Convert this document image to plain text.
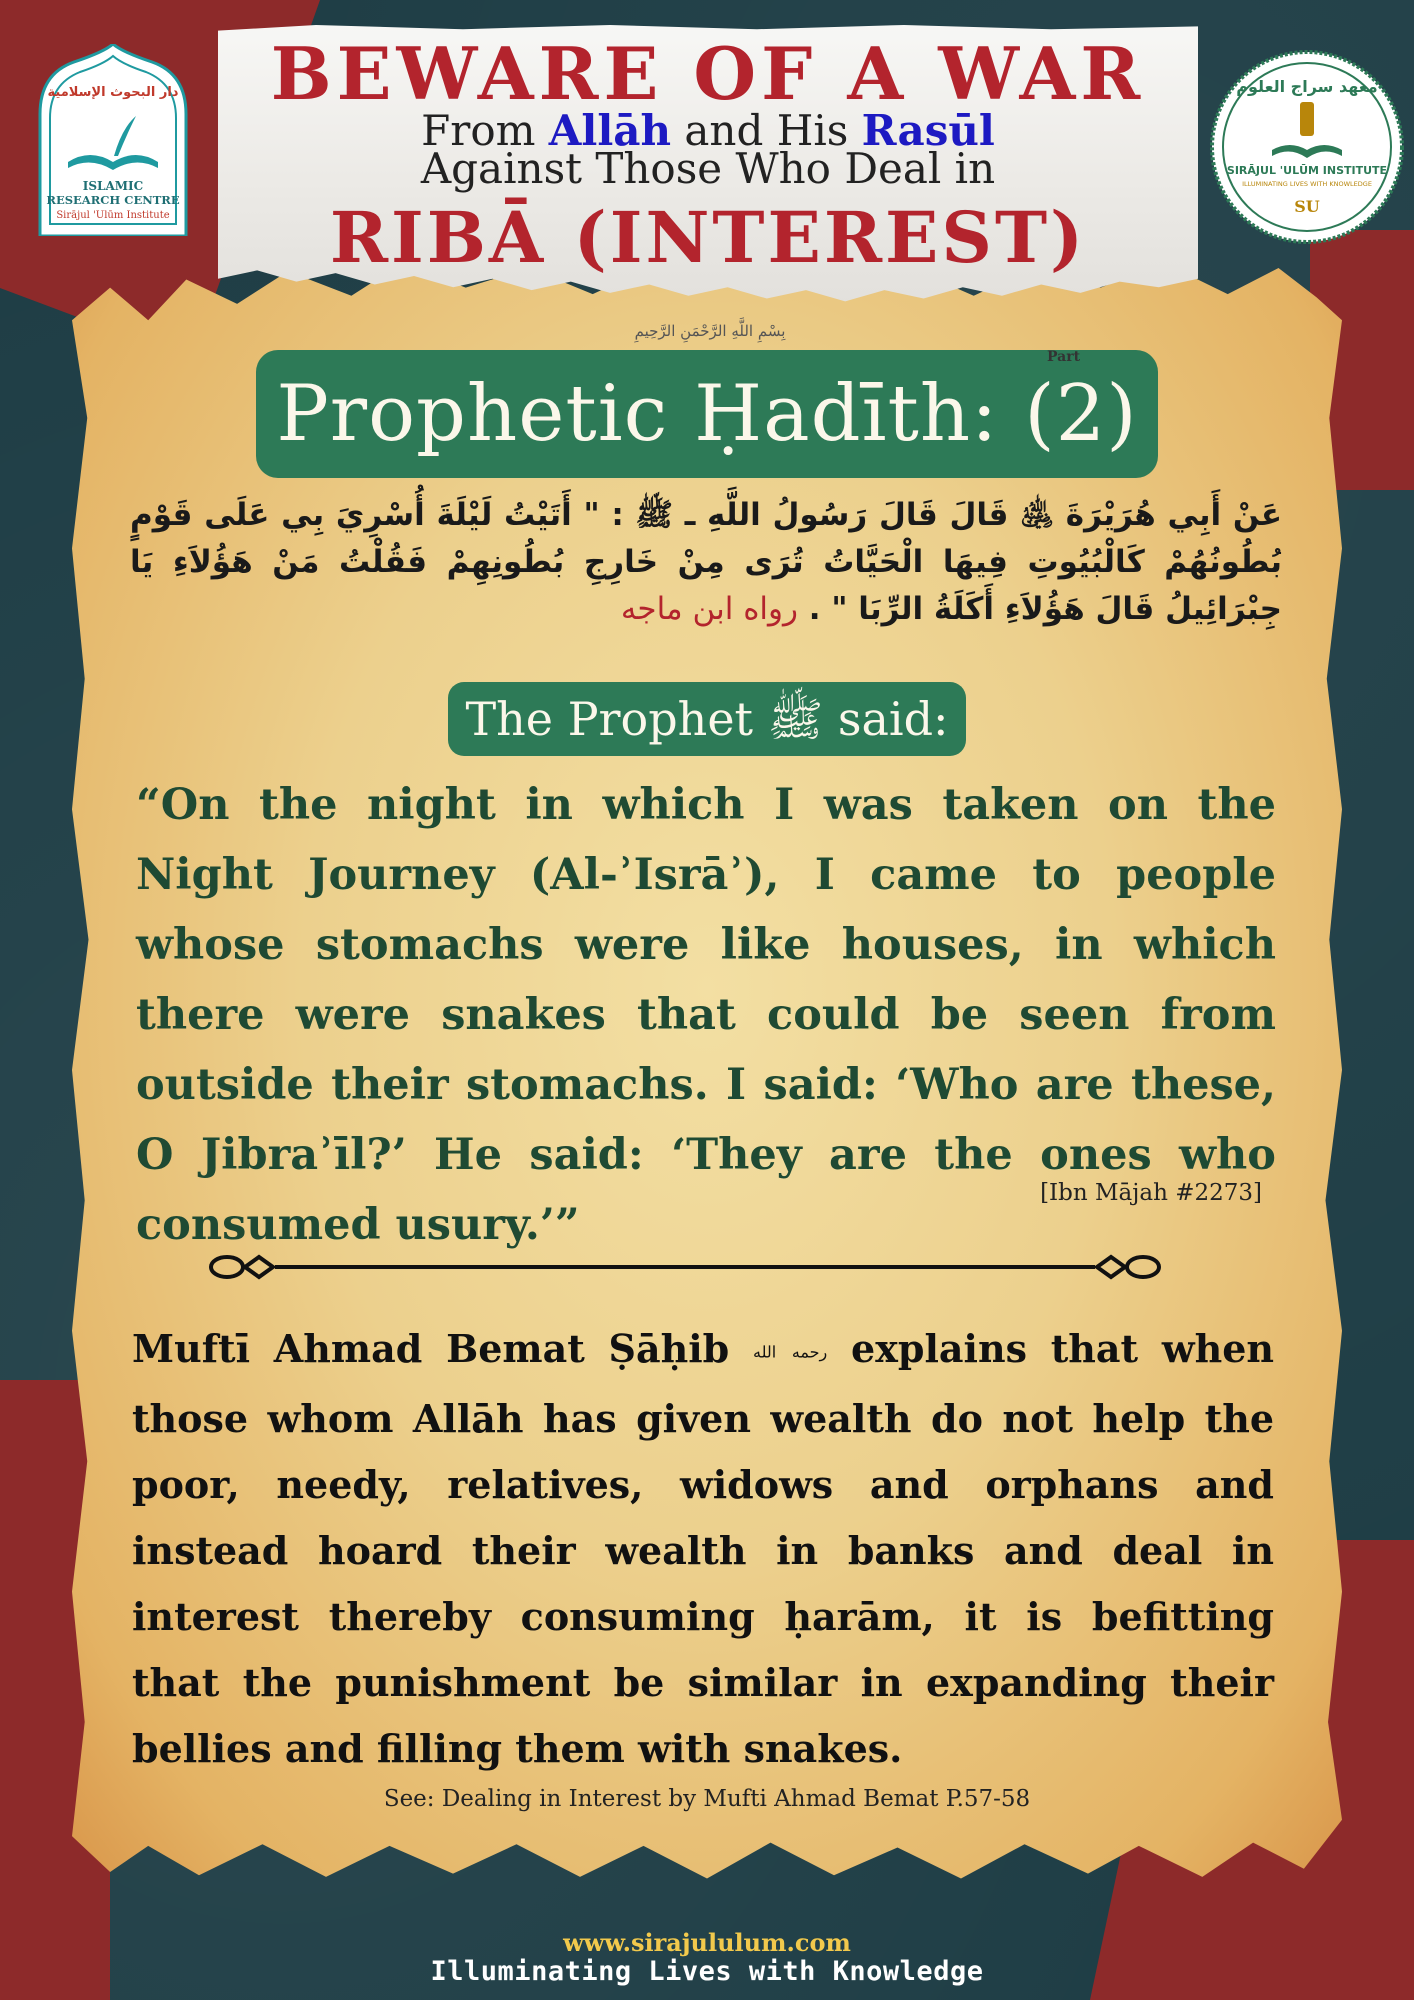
BEWARE OF A WAR
From Allāh and His Rasūl
Against Those Who Deal in
RIBĀ (INTEREST)
دار البحوث الإسلامية
ISLAMIC
RESEARCH CENTRE
Sirājul 'Ulūm Institute
معهد سراج العلوم
SIRĀJUL 'ULŪM INSTITUTE
ILLUMINATING LIVES WITH KNOWLEDGE
SU
بِسْمِ اللَّهِ الرَّحْمَنِ الرَّحِيمِ
Prophetic Ḥadīth: (2)
Part
عَنْ أَبِي هُرَيْرَةَ ﵁ قَالَ قَالَ رَسُولُ اللَّهِ ـ ﷺ : " أَتَيْتُ لَيْلَةَ أُسْرِيَ بِي عَلَى قَوْمٍ بُطُونُهُمْ كَالْبُيُوتِ فِيهَا الْحَيَّاتُ تُرَى مِنْ خَارِجِ بُطُونِهِمْ فَقُلْتُ مَنْ هَؤُلاَءِ يَا جِبْرَائِيلُ قَالَ هَؤُلاَءِ أَكَلَةُ الرِّبَا " . رواه ابن ماجه
The Prophet ﷺ said:
“On the night in which I was taken on the Night Journey (Al-ʾIsrāʾ), I came to people whose stomachs were like houses, in which there were snakes that could be seen from outside their stomachs. I said: ‘Who are these, O Jibraʾīl?’ He said: ‘They are the ones who consumed usury.’”
[Ibn Mājah #2273]
Muftī Ahmad Bemat Ṣāḥib رحمه الله explains that when those whom Allāh has given wealth do not help the poor, needy, relatives, widows and orphans and instead hoard their wealth in banks and deal in interest thereby consuming ḥarām, it is befitting that the punishment be similar in expanding their bellies and filling them with snakes.
See: Dealing in Interest by Mufti Ahmad Bemat P.57-58
www.sirajululum.com
Illuminating Lives with Knowledge
